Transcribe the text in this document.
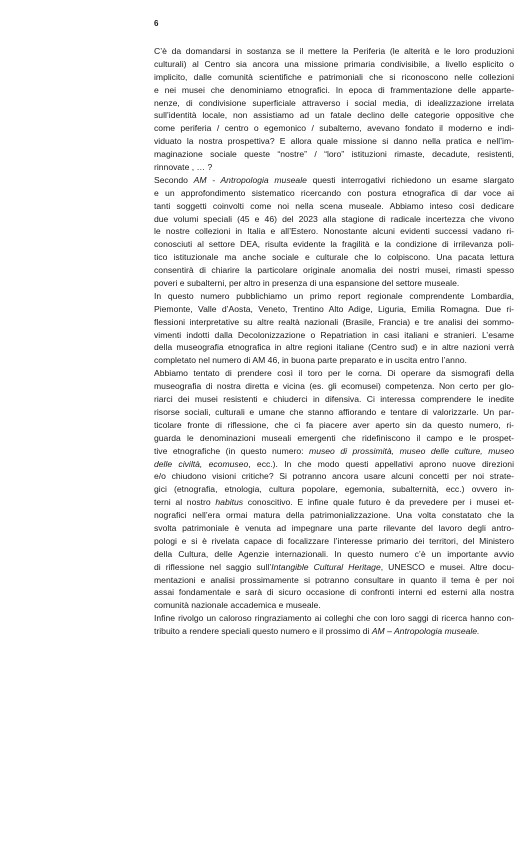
6
C’è da domandarsi in sostanza se il mettere la Periferia (le alterità e le loro produzioni
culturali) al Centro sia ancora una missione primaria condivisibile, a livello esplicito o
implicito, dalle comunità scientifiche e patrimoniali che si riconoscono nelle collezioni
e nei musei che denominiamo etnografici. In epoca di frammentazione delle apparte-
nenze, di condivisione superficiale attraverso i social media, di idealizzazione irrelata
sull’identità locale, non assistiamo ad un fatale declino delle categorie oppositive che
come periferia / centro o egemonico / subalterno, avevano fondato il moderno e indi-
viduato la nostra prospettiva? E allora quale missione si danno nella pratica e nell’im-
maginazione sociale queste “nostre” / “loro” istituzioni rimaste, decadute, resistenti,
rinnovate , … ?
Secondo AM - Antropologia museale questi interrogativi richiedono un esame slargato
e un approfondimento sistematico ricercando con postura etnografica di dar voce ai
tanti soggetti coinvolti come noi nella scena museale. Abbiamo inteso così dedicare
due volumi speciali (45 e 46) del 2023 alla stagione di radicale incertezza che vivono
le nostre collezioni in Italia e all’Estero. Nonostante alcuni evidenti successi vadano ri-
conosciuti al settore DEA, risulta evidente la fragilità e la condizione di irrilevanza poli-
tico istituzionale ma anche sociale e culturale che lo colpiscono. Una pacata lettura
consentirà di chiarire la particolare originale anomalia dei nostri musei, rimasti spesso
poveri e subalterni, per altro in presenza di una espansione del settore museale.
In questo numero pubblichiamo un primo report regionale comprendente Lombardia,
Piemonte, Valle d’Aosta, Veneto, Trentino Alto Adige, Liguria, Emilia Romagna. Due ri-
flessioni interpretative su altre realtà nazionali (Brasile, Francia) e tre analisi dei sommo-
vimenti indotti dalla Decolonizzazione o Repatriation in casi italiani e stranieri. L’esame
della museografia etnografica in altre regioni italiane (Centro sud) e in altre nazioni verrà
completato nel numero di AM 46, in buona parte preparato e in uscita entro l’anno.
Abbiamo tentato di prendere così il toro per le corna. Di operare da sismografi della
museografia di nostra diretta e vicina (es. gli ecomusei) competenza. Non certo per glo-
riarci dei musei resistenti e chiuderci in difensiva. Ci interessa comprendere le inedite
risorse sociali, culturali e umane che stanno affiorando e tentare di valorizzarle. Un par-
ticolare fronte di riflessione, che ci fa piacere aver aperto sin da questo numero, ri-
guarda le denominazioni museali emergenti che ridefiniscono il campo e le prospet-
tive etnografiche (in questo numero: museo di prossimità, museo delle culture, museo
delle civiltà, ecomuseo, ecc.). In che modo questi appellativi aprono nuove direzioni
e/o chiudono visioni critiche? Si potranno ancora usare alcuni concetti per noi strate-
gici (etnografia, etnologia, cultura popolare, egemonia, subalternità, ecc.) ovvero in-
terni al nostro habitus conoscitivo. E infine quale futuro è da prevedere per i musei et-
nografici nell’era ormai matura della patrimonializzazione. Una volta constatato che la
svolta patrimoniale è venuta ad impegnare una parte rilevante del lavoro degli antro-
pologi e si è rivelata capace di focalizzare l’interesse primario dei territori, del Ministero
della Cultura, delle Agenzie internazionali. In questo numero c’è un importante avvio
di riflessione nel saggio sull’Intangible Cultural Heritage, UNESCO e musei. Altre docu-
mentazioni e analisi prossimamente si potranno consultare in quanto il tema è per noi
assai fondamentale e sarà di sicuro occasione di confronti interni ed esterni alla nostra
comunità nazionale accademica e museale.
Infine rivolgo un caloroso ringraziamento ai colleghi che con loro saggi di ricerca hanno con-
tribuito a rendere speciali questo numero e il prossimo di AM – Antropologia museale.
